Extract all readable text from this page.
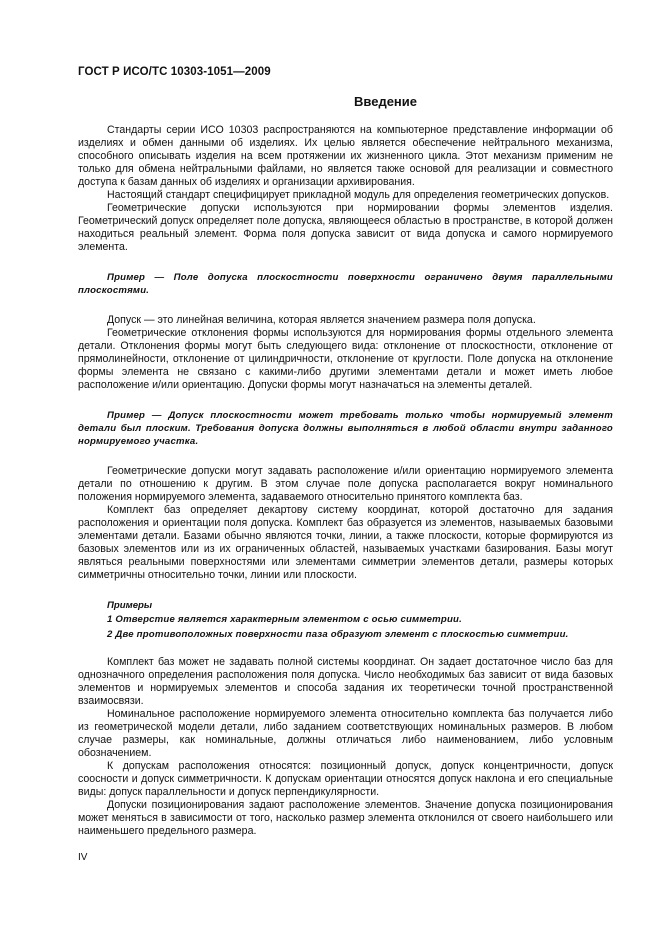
ГОСТ Р ИСО/ТС 10303-1051—2009
Введение

Стандарты серии ИСО 10303 распространяются на компьютерное представление информации об изделиях и обмен данными об изделиях. Их целью является обеспечение нейтрального механизма, способного описывать изделия на всем протяжении их жизненного цикла. Этот механизм применим не только для обмена нейтральными файлами, но является также основой для реализации и совместного доступа к базам данных об изделиях и организации архивирования.

Настоящий стандарт специфицирует прикладной модуль для определения геометрических допусков.

Геометрические допуски используются при нормировании формы элементов изделия. Геометрический допуск определяет поле допуска, являющееся областью в пространстве, в которой должен находиться реальный элемент. Форма поля допуска зависит от вида допуска и самого нормируемого элемента.

Пример — Поле допуска плоскостности поверхности ограничено двумя параллельными плоскостями.

Допуск — это линейная величина, которая является значением размера поля допуска.

Геометрические отклонения формы используются для нормирования формы отдельного элемента детали. Отклонения формы могут быть следующего вида: отклонение от плоскостности, отклонение от прямолинейности, отклонение от цилиндричности, отклонение от круглости. Поле допуска на отклонение формы элемента не связано с какими-либо другими элементами детали и может иметь любое расположение и/или ориентацию. Допуски формы могут назначаться на элементы деталей.

Пример — Допуск плоскостности может требовать только чтобы нормируемый элемент детали был плоским. Требования допуска должны выполняться в любой области внутри заданного нормируемого участка.

Геометрические допуски могут задавать расположение и/или ориентацию нормируемого элемента детали по отношению к другим. В этом случае поле допуска располагается вокруг номинального положения нормируемого элемента, задаваемого относительно принятого комплекта баз.

Комплект баз определяет декартову систему координат, которой достаточно для задания расположения и ориентации поля допуска. Комплект баз образуется из элементов, называемых базовыми элементами детали. Базами обычно являются точки, линии, а также плоскости, которые формируются из базовых элементов или из их ограниченных областей, называемых участками базирования. Базы могут являться реальными поверхностями или элементами симметрии элементов детали, размеры которых симметричны относительно точки, линии или плоскости.

Примеры
1 Отверстие является характерным элементом с осью симметрии.
2 Две противоположных поверхности паза образуют элемент с плоскостью симметрии.

Комплект баз может не задавать полной системы координат. Он задает достаточное число баз для однозначного определения расположения поля допуска. Число необходимых баз зависит от вида базовых элементов и нормируемых элементов и способа задания их теоретически точной пространственной взаимосвязи.

Номинальное расположение нормируемого элемента относительно комплекта баз получается либо из геометрической модели детали, либо заданием соответствующих номинальных размеров. В любом случае размеры, как номинальные, должны отличаться либо наименованием, либо условным обозначением.

К допускам расположения относятся: позиционный допуск, допуск концентричности, допуск соосности и допуск симметричности. К допускам ориентации относятся допуск наклона и его специальные виды: допуск параллельности и допуск перпендикулярности.

Допуски позиционирования задают расположение элементов. Значение допуска позиционирования может меняться в зависимости от того, насколько размер элемента отклонился от своего наибольшего или наименьшего предельного размера.

IV
